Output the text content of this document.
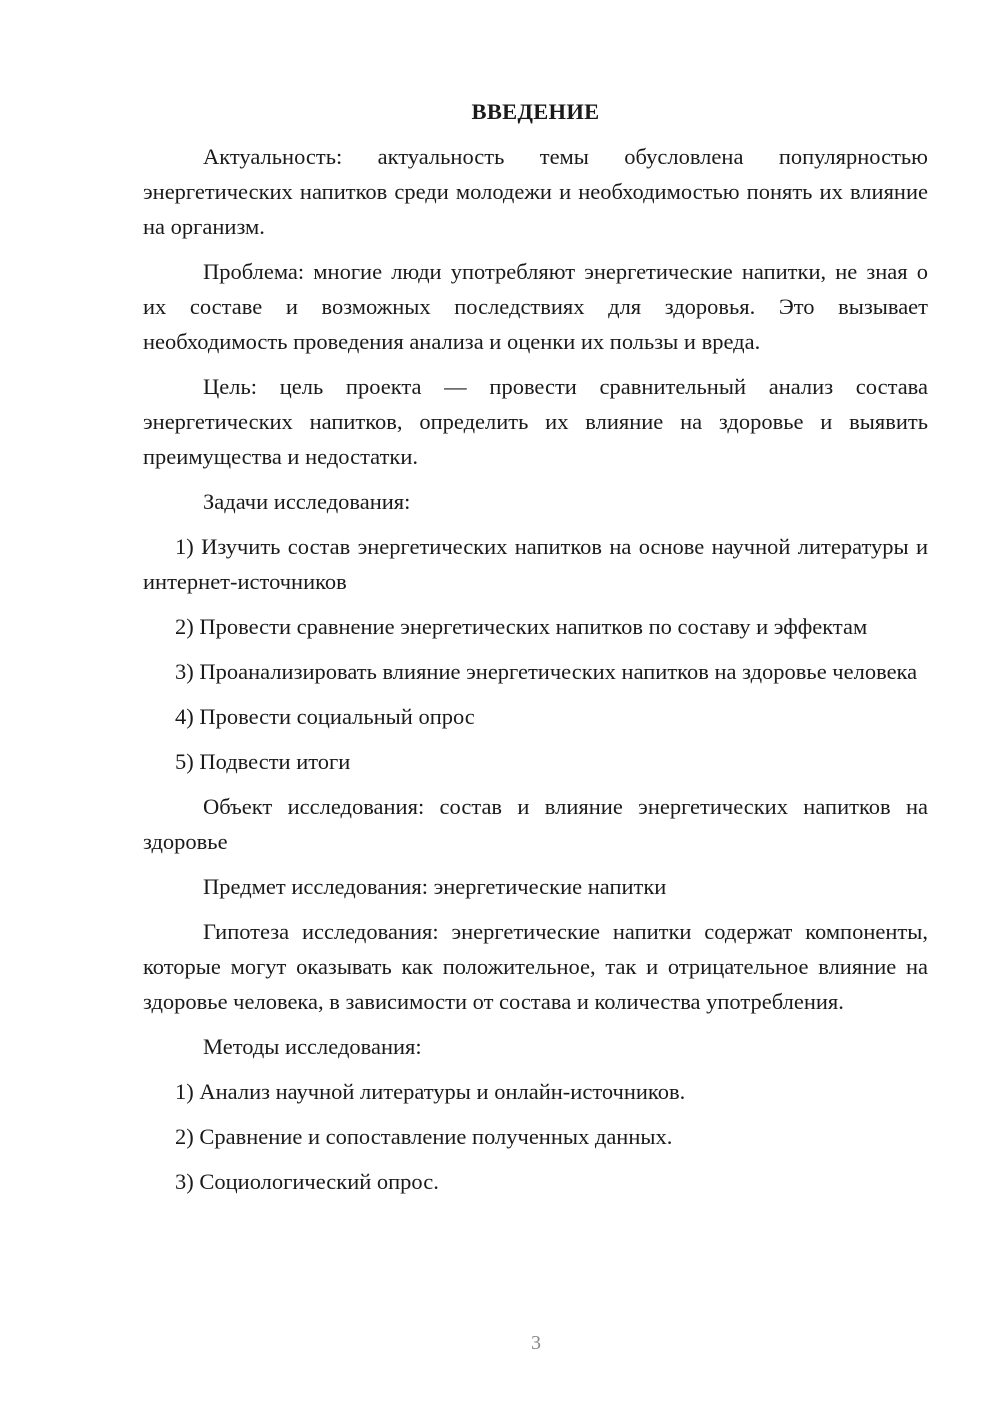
ВВЕДЕНИЕ

Актуальность: актуальность темы обусловлена популярностью энергетических напитков среди молодежи и необходимостью понять их влияние на организм.

Проблема: многие люди употребляют энергетические напитки, не зная о их составе и возможных последствиях для здоровья. Это вызывает необходимость проведения анализа и оценки их пользы и вреда.

Цель: цель проекта — провести сравнительный анализ состава энергетических напитков, определить их влияние на здоровье и выявить преимущества и недостатки.

Задачи исследования:

1) Изучить состав энергетических напитков на основе научной литературы и интернет-источников

2) Провести сравнение энергетических напитков по составу и эффектам

3) Проанализировать влияние энергетических напитков на здоровье человека

4) Провести социальный опрос

5) Подвести итоги

Объект исследования: состав и влияние энергетических напитков на здоровье

Предмет исследования: энергетические напитки

Гипотеза исследования: энергетические напитки содержат компоненты, которые могут оказывать как положительное, так и отрицательное влияние на здоровье человека, в зависимости от состава и количества употребления.

Методы исследования:

1) Анализ научной литературы и онлайн-источников.

2) Сравнение и сопоставление полученных данных.

3) Социологический опрос.

3
